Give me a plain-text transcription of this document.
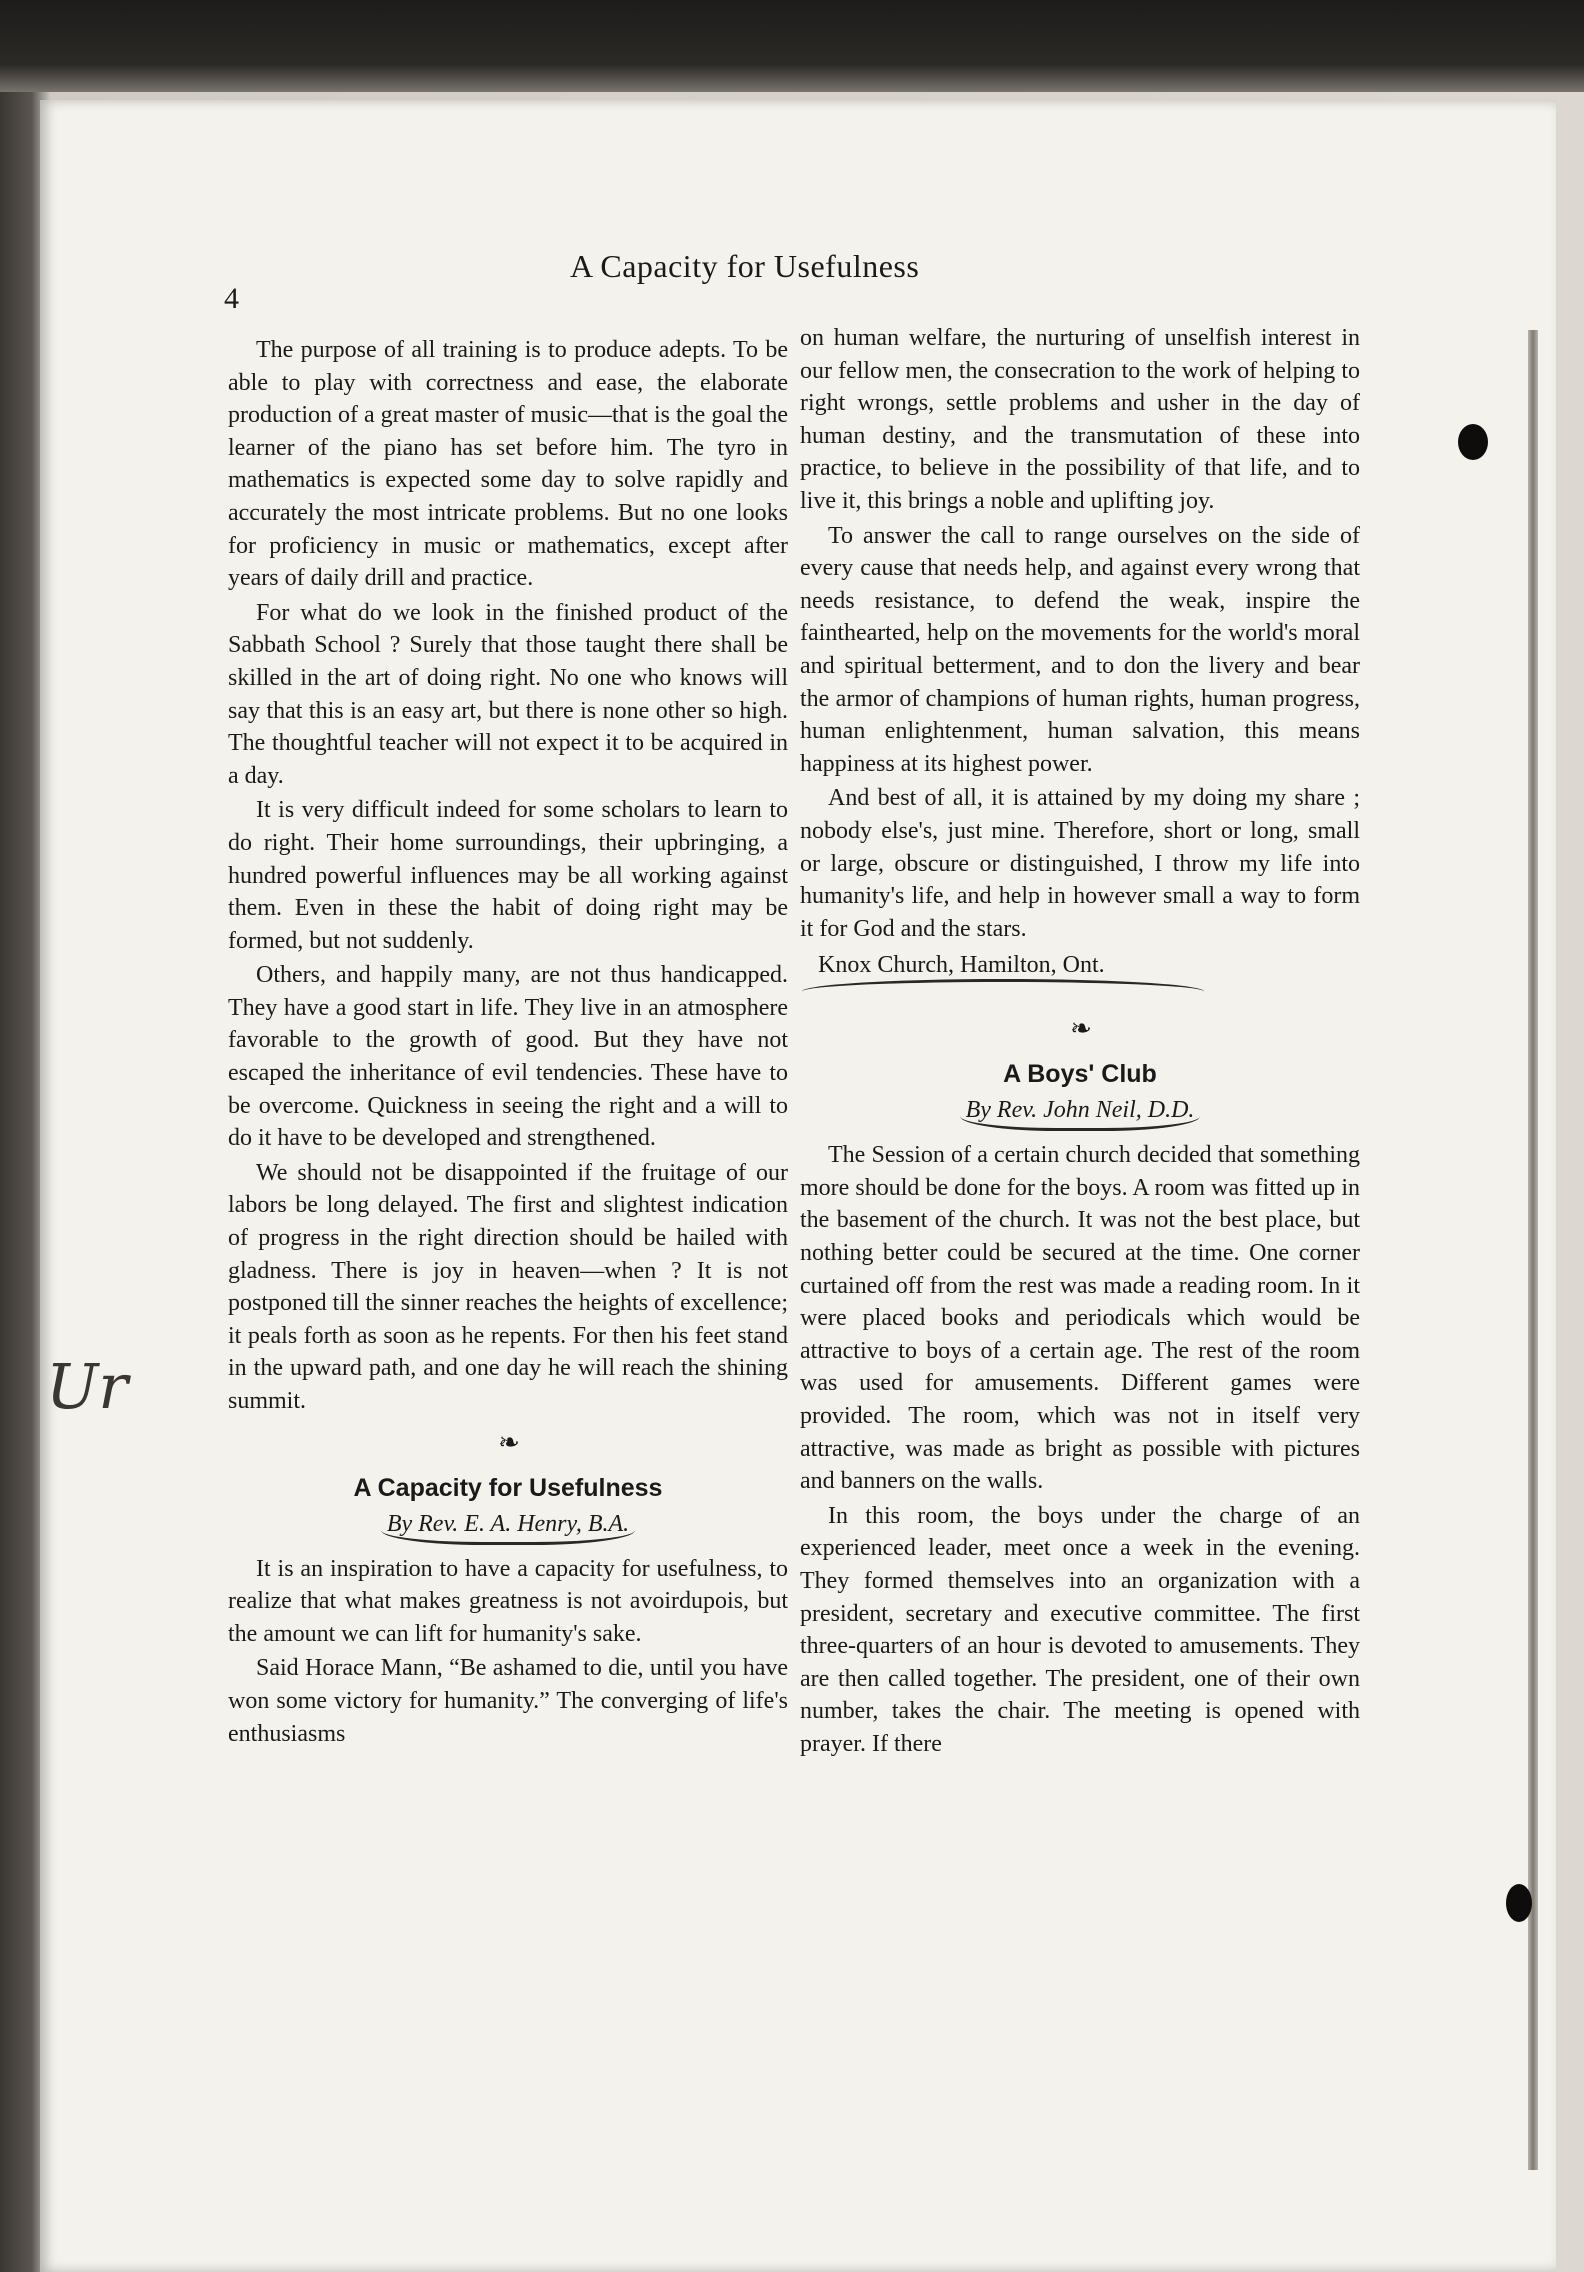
Ur
4
A Capacity for Usefulness

The purpose of all training is to produce adepts. To be able to play with correctness and ease, the elaborate production of a great master of music—that is the goal the learner of the piano has set before him. The tyro in mathematics is expected some day to solve rapidly and accurately the most intricate problems. But no one looks for proficiency in music or mathematics, except after years of daily drill and practice.

For what do we look in the finished product of the Sabbath School ? Surely that those taught there shall be skilled in the art of doing right. No one who knows will say that this is an easy art, but there is none other so high. The thoughtful teacher will not expect it to be acquired in a day.

It is very difficult indeed for some scholars to learn to do right. Their home surroundings, their upbringing, a hundred powerful influences may be all working against them. Even in these the habit of doing right may be formed, but not suddenly.

Others, and happily many, are not thus handicapped. They have a good start in life. They live in an atmosphere favorable to the growth of good. But they have not escaped the inheritance of evil tendencies. These have to be overcome. Quickness in seeing the right and a will to do it have to be developed and strengthened.

We should not be disappointed if the fruitage of our labors be long delayed. The first and slightest indication of progress in the right direction should be hailed with gladness. There is joy in heaven—when ? It is not postponed till the sinner reaches the heights of excellence; it peals forth as soon as he repents. For then his feet stand in the upward path, and one day he will reach the shining summit.

❧
A Capacity for Usefulness
By Rev. E. A. Henry, B.A.

It is an inspiration to have a capacity for usefulness, to realize that what makes greatness is not avoirdupois, but the amount we can lift for humanity's sake.

Said Horace Mann, “Be ashamed to die, until you have won some victory for humanity.” The converging of life's enthusiasms

on human welfare, the nurturing of unselfish interest in our fellow men, the consecration to the work of helping to right wrongs, settle problems and usher in the day of human destiny, and the transmutation of these into practice, to believe in the possibility of that life, and to live it, this brings a noble and uplifting joy.

To answer the call to range ourselves on the side of every cause that needs help, and against every wrong that needs resistance, to defend the weak, inspire the fainthearted, help on the movements for the world's moral and spiritual betterment, and to don the livery and bear the armor of champions of human rights, human progress, human enlightenment, human salvation, this means happiness at its highest power.

And best of all, it is attained by my doing my share ; nobody else's, just mine. Therefore, short or long, small or large, obscure or distinguished, I throw my life into humanity's life, and help in however small a way to form it for God and the stars.

Knox Church, Hamilton, Ont.
❧
A Boys' Club
By Rev. John Neil, D.D.

The Session of a certain church decided that something more should be done for the boys. A room was fitted up in the basement of the church. It was not the best place, but nothing better could be secured at the time. One corner curtained off from the rest was made a reading room. In it were placed books and periodicals which would be attractive to boys of a certain age. The rest of the room was used for amusements. Different games were provided. The room, which was not in itself very attractive, was made as bright as possible with pictures and banners on the walls.

In this room, the boys under the charge of an experienced leader, meet once a week in the evening. They formed themselves into an organization with a president, secretary and executive committee. The first three-quarters of an hour is devoted to amusements. They are then called together. The president, one of their own number, takes the chair. The meeting is opened with prayer. If there
